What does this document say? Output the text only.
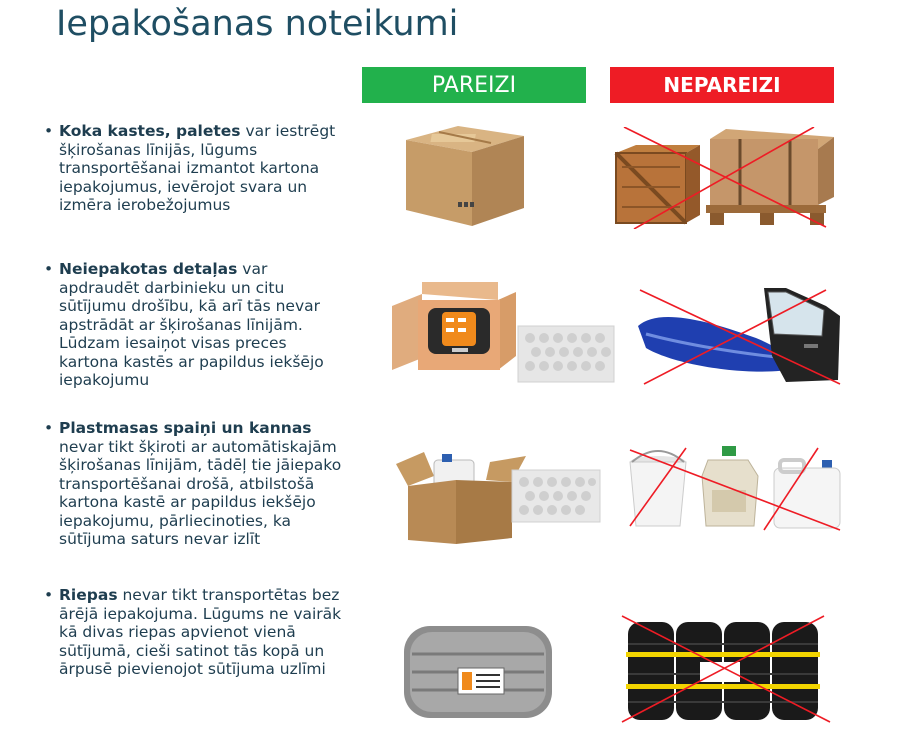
Iepakošanas noteikumi
PAREIZI	NEPAREIZI
• Koka kastes, paletes var iestrēgt šķirošanas līnijās, lūgums transportēšanai izmantot kartona iepakojumus, ievērojot svara un izmēra ierobežojumus
• Neiepakotas detaļas var apdraudēt darbinieku un citu sūtījumu drošību, kā arī tās nevar apstrādāt ar šķirošanas līnijām. Lūdzam iesaiņot visas preces kartona kastēs ar papildus iekšējo iepakojumu
• Plastmasas spaiņi un kannas nevar tikt šķiroti ar automātiskajām šķirošanas līnijām, tādēļ tie jāiepako transportēšanai drošā, atbilstošā kartona kastē ar papildus iekšējo iepakojumu, pārliecinoties, ka sūtījuma saturs nevar izlīt
• Riepas nevar tikt transportētas bez ārējā iepakojuma. Lūgums ne vairāk kā divas riepas apvienot vienā sūtījumā, cieši satinot tās kopā un ārpusē pievienojot sūtījuma uzlīmi
